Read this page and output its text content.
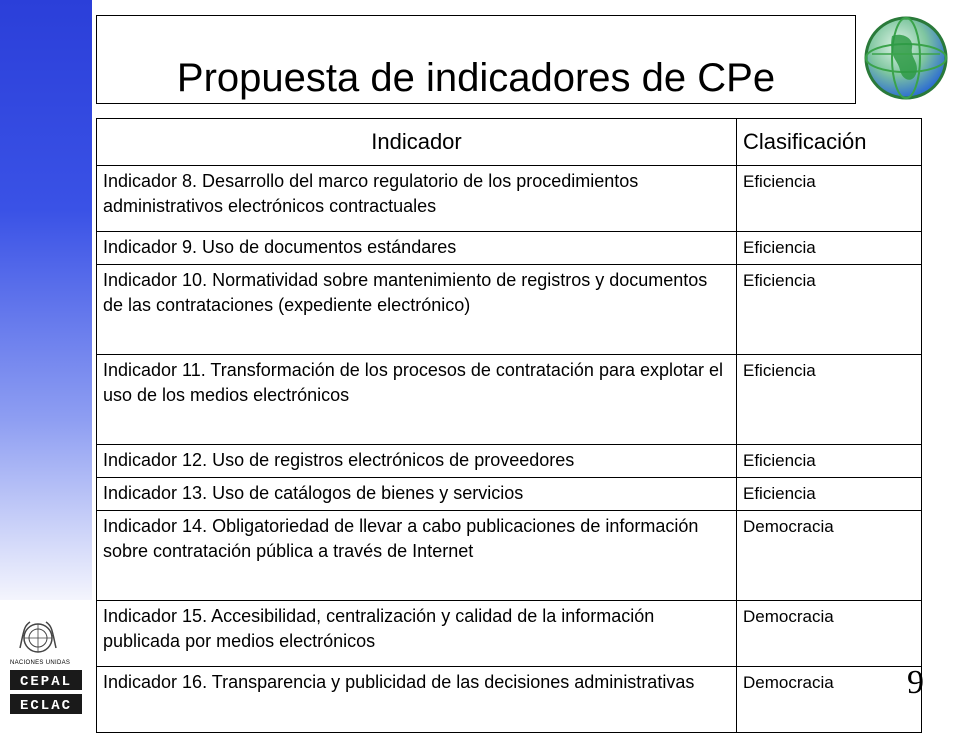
Propuesta de indicadores de CPe
Indicador	Clasificación
Indicador 8. Desarrollo del marco regulatorio de los procedimientos administrativos electrónicos contractuales	Eficiencia
Indicador 9. Uso de documentos estándares	Eficiencia
Indicador 10. Normatividad sobre mantenimiento de registros y documentos de las contrataciones (expediente electrónico)	Eficiencia
Indicador 11. Transformación de los procesos de contratación para explotar el uso de los medios electrónicos	Eficiencia
Indicador 12. Uso de registros electrónicos de proveedores	Eficiencia
Indicador 13. Uso de catálogos de bienes y servicios	Eficiencia
Indicador 14. Obligatoriedad de llevar a cabo publicaciones de información sobre contratación pública a través de Internet	Democracia
Indicador 15. Accesibilidad, centralización y calidad de la información publicada por medios electrónicos	Democracia
Indicador 16. Transparencia y publicidad de las decisiones administrativas	Democracia
NACIONES UNIDAS
CEPAL
ECLAC
9
